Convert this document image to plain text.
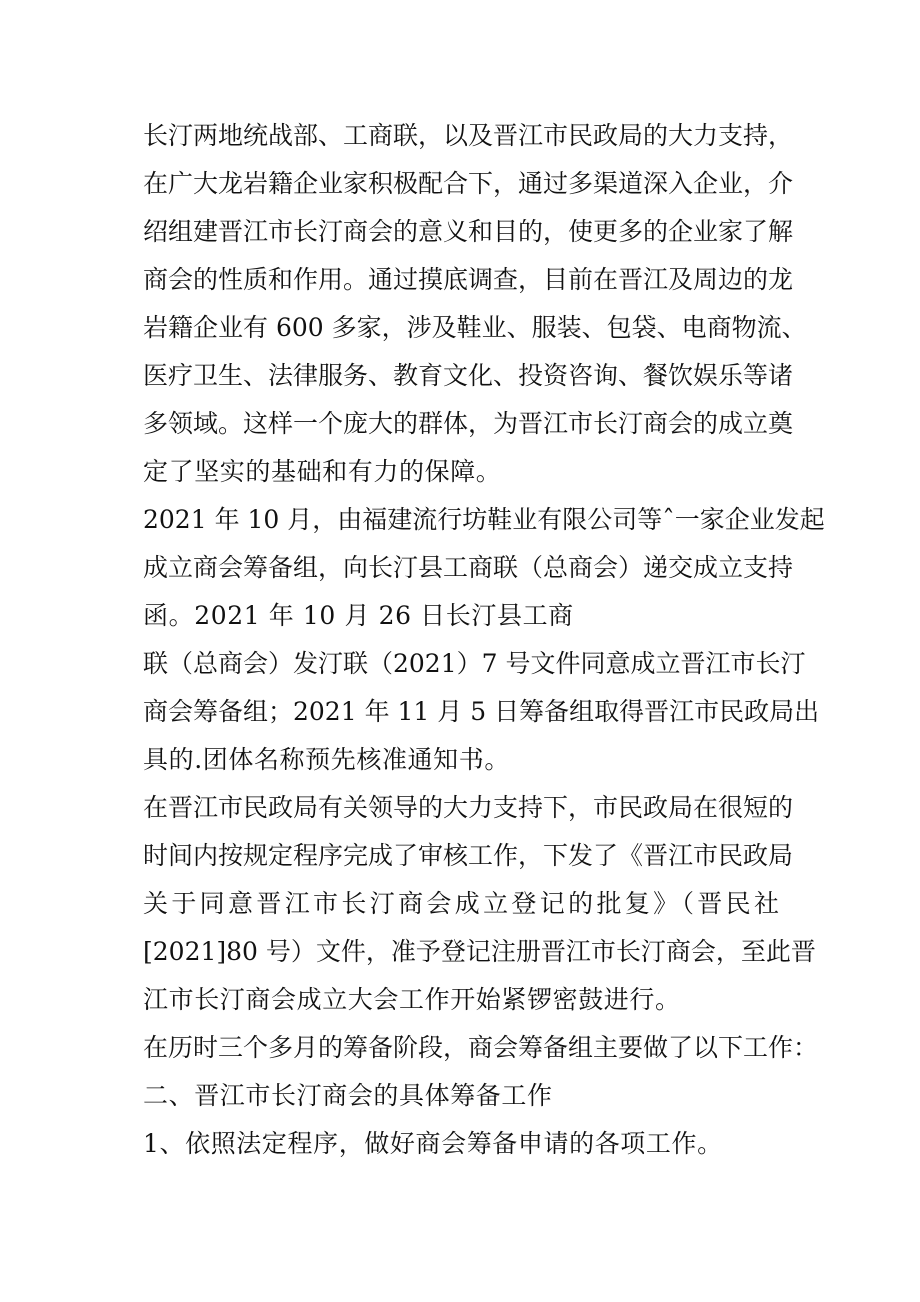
长汀两地统战部、工商联，以及晋江市民政局的大力支持，
在广大龙岩籍企业家积极配合下，通过多渠道深入企业，介
绍组建晋江市长汀商会的意义和目的，使更多的企业家了解
商会的性质和作用。通过摸底调查，目前在晋江及周边的龙
岩籍企业有 600 多家，涉及鞋业、服装、包袋、电商物流、
医疗卫生、法律服务、教育文化、投资咨询、餐饮娱乐等诸
多领域。这样一个庞大的群体，为晋江市长汀商会的成立奠
定了坚实的基础和有力的保障。
2021 年 10 月，由福建流行坊鞋业有限公司等ˆ一家企业发起
成立商会筹备组，向长汀县工商联（总商会）递交成立支持
函。2021 年 10 月 26 日长汀县工商
联（总商会）发汀联（2021）7 号文件同意成立晋江市长汀
商会筹备组；2021 年 11 月 5 日筹备组取得晋江市民政局出
具的.团体名称预先核准通知书。
在晋江市民政局有关领导的大力支持下，市民政局在很短的
时间内按规定程序完成了审核工作，下发了《晋江市民政局
关于同意晋江市长汀商会成立登记的批复》（晋民社
[2021]80 号）文件，准予登记注册晋江市长汀商会，至此晋
江市长汀商会成立大会工作开始紧锣密鼓进行。
在历时三个多月的筹备阶段，商会筹备组主要做了以下工作：
二、晋江市长汀商会的具体筹备工作
1、依照法定程序，做好商会筹备申请的各项工作。
